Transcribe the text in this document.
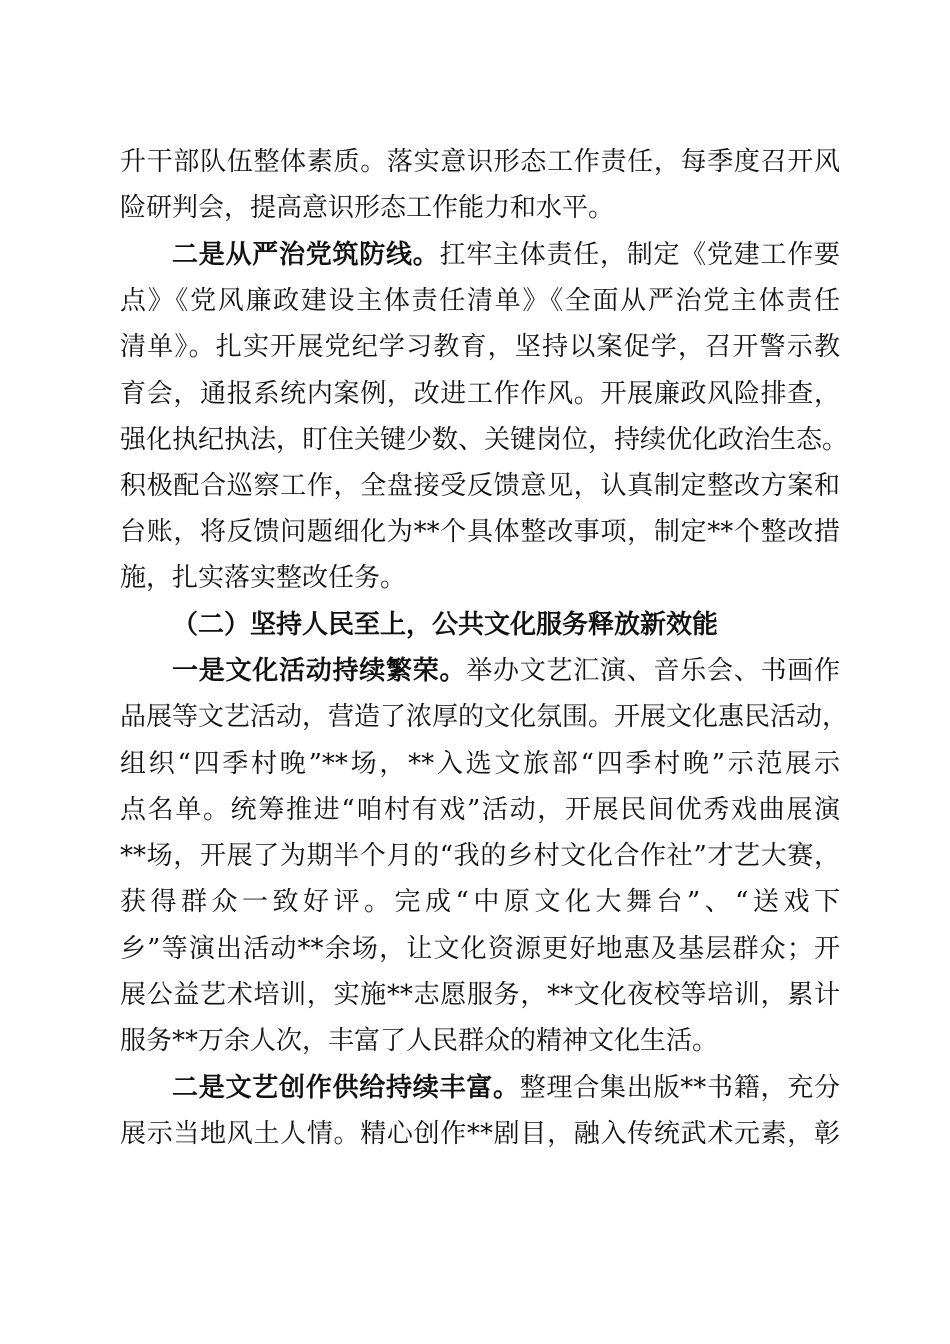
升干部队伍整体素质。落实意识形态工作责任，每季度召开风
险研判会，提高意识形态工作能力和水平。
二是从严治党筑防线。扛牢主体责任，制定《党建工作要
点》《党风廉政建设主体责任清单》《全面从严治党主体责任
清单》。扎实开展党纪学习教育，坚持以案促学，召开警示教
育会，通报系统内案例，改进工作作风。开展廉政风险排查，
强化执纪执法，盯住关键少数、关键岗位，持续优化政治生态。
积极配合巡察工作，全盘接受反馈意见，认真制定整改方案和
台账，将反馈问题细化为**个具体整改事项，制定**个整改措
施，扎实落实整改任务。
（二）坚持人民至上，公共文化服务释放新效能
一是文化活动持续繁荣。举办文艺汇演、音乐会、书画作
品展等文艺活动，营造了浓厚的文化氛围。开展文化惠民活动，
组织“四季村晚”**场，**入选文旅部“四季村晚”示范展示
点名单。统筹推进“咱村有戏”活动，开展民间优秀戏曲展演
**场，开展了为期半个月的“我的乡村文化合作社”才艺大赛，
获得群众一致好评。完成“中原文化大舞台”、“送戏下
乡”等演出活动**余场，让文化资源更好地惠及基层群众；开
展公益艺术培训，实施**志愿服务，**文化夜校等培训，累计
服务**万余人次，丰富了人民群众的精神文化生活。
二是文艺创作供给持续丰富。整理合集出版**书籍，充分
展示当地风土人情。精心创作**剧目，融入传统武术元素，彰
